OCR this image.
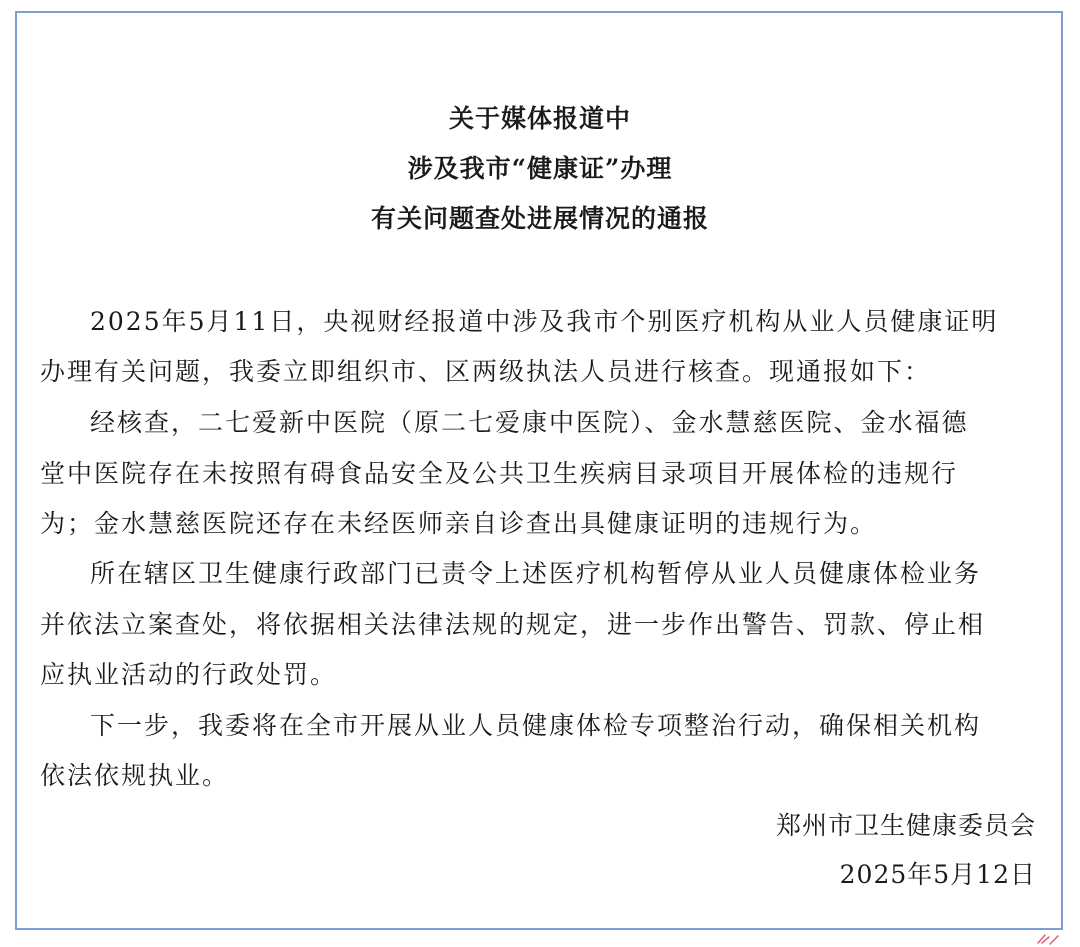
关于媒体报道中
涉及我市“健康证”办理
有关问题查处进展情况的通报
2025年5月11日，央视财经报道中涉及我市个别医疗机构从业人员健康证明
办理有关问题，我委立即组织市、区两级执法人员进行核查。现通报如下：
经核查，二七爱新中医院（原二七爱康中医院）、金水慧慈医院、金水福德
堂中医院存在未按照有碍食品安全及公共卫生疾病目录项目开展体检的违规行
为；金水慧慈医院还存在未经医师亲自诊查出具健康证明的违规行为。
所在辖区卫生健康行政部门已责令上述医疗机构暂停从业人员健康体检业务
并依法立案查处，将依据相关法律法规的规定，进一步作出警告、罚款、停止相
应执业活动的行政处罚。
下一步，我委将在全市开展从业人员健康体检专项整治行动，确保相关机构
依法依规执业。
郑州市卫生健康委员会
2025年5月12日
